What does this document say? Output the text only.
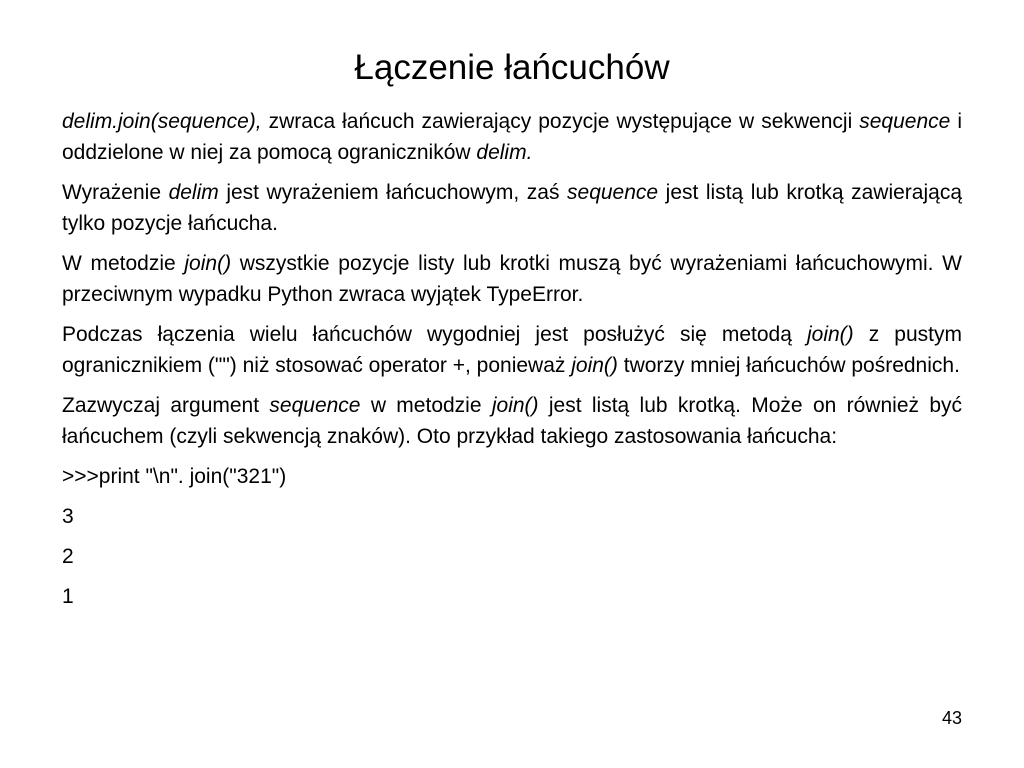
Łączenie łańcuchów

delim.join(sequence), zwraca łańcuch zawierający pozycje występujące w sekwencji sequence i oddzielone w niej za pomocą ograniczników delim.

Wyrażenie delim jest wyrażeniem łańcuchowym, zaś sequence jest listą lub krotką zawierającą tylko pozycje łańcucha.

W metodzie join() wszystkie pozycje listy lub krotki muszą być wyrażeniami łańcuchowymi. W przeciwnym wypadku Python zwraca wyjątek TypeError.

Podczas łączenia wielu łańcuchów wygodniej jest posłużyć się metodą join() z pustym ogranicznikiem ("") niż stosować operator +, ponieważ join() tworzy mniej łańcuchów pośrednich.

Zazwyczaj argument sequence w metodzie join() jest listą lub krotką. Może on również być łańcuchem (czyli sekwencją znaków). Oto przykład takiego zastosowania łańcucha:

>>>print "\n". join("321")

3

2

1

43
